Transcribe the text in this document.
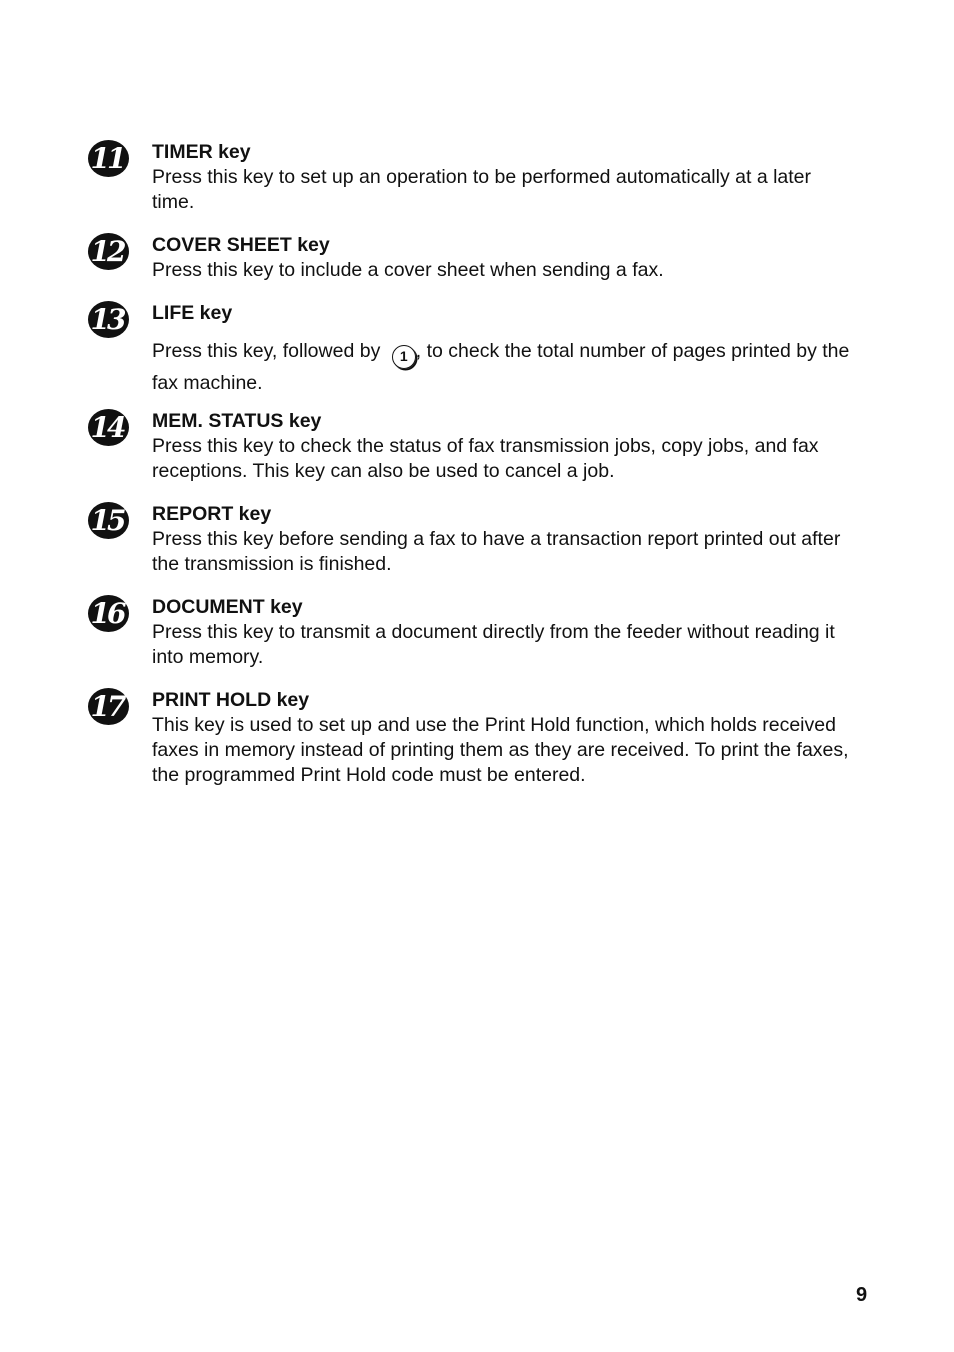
11 TIMER key

Press this key to set up an operation to be performed automatically at a later time.

12 COVER SHEET key

Press this key to include a cover sheet when sending a fax.

13 LIFE key

Press this key, followed by 1 , to check the total number of pages printed by the fax machine.

14 MEM. STATUS key

Press this key to check the status of fax transmission jobs, copy jobs, and fax receptions. This key can also be used to cancel a job.

15 REPORT key

Press this key before sending a fax to have a transaction report printed out after the transmission is finished.

16 DOCUMENT key

Press this key to transmit a document directly from the feeder without reading it into memory.

17 PRINT HOLD key

This key is used to set up and use the Print Hold function, which holds received faxes in memory instead of printing them as they are received. To print the faxes, the programmed Print Hold code must be entered.

9
